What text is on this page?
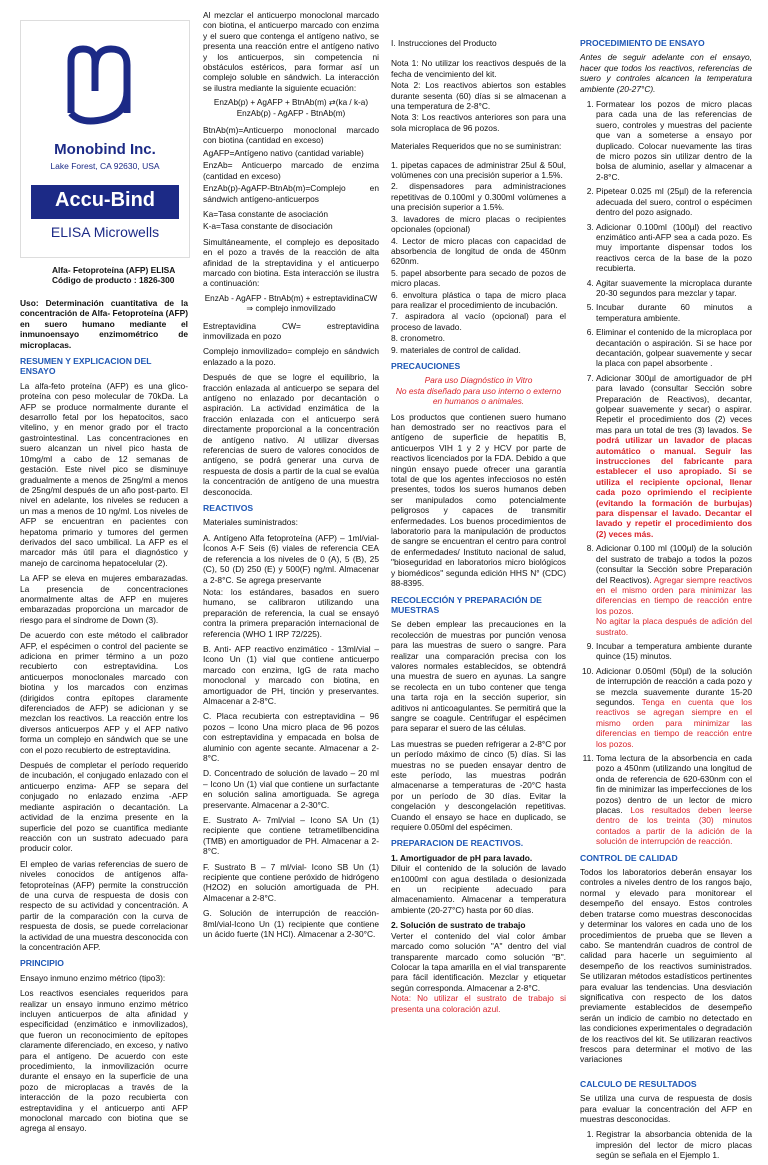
Monobind Inc.
Lake Forest, CA 92630, USA
Accu-Bind
ELISA Microwells
Alfa- Fetoproteína (AFP) ELISA
Código de producto : 1826-300

Uso: Determinación cuantitativa de la concentración de Alfa- Fetoproteína (AFP) en suero humano mediante el inmunoensayo enzimométrico de microplacas.

RESUMEN Y EXPLICACION DEL ENSAYO

La alfa-feto proteína (AFP) es una glico-proteína con peso molecular de 70kDa. La AFP se produce normalmente durante el desarrollo fetal por los hepatocitos, saco vitelino, y en menor grado por el tracto gastrointestinal. Las concentraciones en suero alcanzan un nivel pico hasta de 10mg/ml a cabo de 12 semanas de gestación. Este nivel pico se disminuye gradualmente a menos de 25ng/ml a menos de 25ng/ml después de un año post-parto. El nivel en adelante, los niveles se reducen a un mas a menos de 10 ng/ml. Los niveles de AFP se encuentran en pacientes con hepatoma primario y tumores del germen derivados del saco umbilical. La AFP es el marcador más útil para el diagnóstico y manejo de carcinoma hepatocelular (2).

La AFP se eleva en mujeres embarazadas. La presencia de concentraciones anormalmente altas de AFP en mujeres embarazadas proporciona un marcador de riesgo para el síndrome de Down (3).

De acuerdo con este método el calibrador AFP, el espécimen o control del paciente se adiciona en primer término a un pozo recubierto con estreptavidina. Los anticuerpos monoclonales marcado con biotina y los marcados con enzimas (dirigidos contra epítopes claramente diferenciados de AFP) se adicionan y se mezclan los reactivos. La reacción entre los diversos anticuerpos AFP y el AFP nativo forma un complejo en sándwich que se une con el pozo recubierto de estreptavidina.

Después de completar el período requerido de incubación, el conjugado enlazado con el anticuerpo enzima- AFP se separa del conjugado no enlazado enzima -AFP mediante aspiración o decantación. La actividad de la enzima presente en la superficie del pozo se cuantifica mediante reacción con un sustrato adecuado para producir color.

El empleo de varias referencias de suero de niveles conocidos de antígenos alfa- fetoproteínas (AFP) permite la construcción de una curva de respuesta de dosis con respecto de su actividad y concentración. A partir de la comparación con la curva de respuesta de dosis, se puede correlacionar la actividad de una muestra desconocida con la concentración AFP.

PRINCIPIO

Ensayo inmuno enzimo métrico (tipo3):

Los reactivos esenciales requeridos para realizar un ensayo inmuno enzimo métrico incluyen anticuerpos de alta afinidad y especificidad (enzimático e inmovilizados), que fueron un reconocimiento de epítopes claramente diferenciado, en exceso, y nativo para el antígeno. De acuerdo con este procedimiento, la inmovilización ocurre durante el ensayo en la superficie de una pozo de microplacas a través de la interacción de la pozo recubierta con estreptavidina y el anticuerpo anti AFP monoclonal marcado con biotina que se agrega al ensayo.

Al mezclar el anticuerpo monoclonal marcado con biotina, el anticuerpo marcado con enzima y el suero que contenga el antígeno nativo, se presenta una reacción entre el antígeno nativo y los anticuerpos, sin competencia ni obstáculos estéricos, para formar así un complejo soluble en sándwich. La interacción se ilustra mediante la siguiente ecuación:

EnzAb(p) + AgAFP + BtnAb(m) ⇄(ka / k-a) EnzAb(p) - AgAFP - BtnAb(m)

BtnAb(m)=Anticuerpo monoclonal marcado con biotina (cantidad en exceso)

AgAFP=Antígeno nativo (cantidad variable)

EnzAb= Anticuerpo marcado de enzima (cantidad en exceso)

EnzAb(p)-AgAFP-BtnAb(m)=Complejo en sándwich antígeno-anticuerpos

Ka=Tasa constante de asociación

K-a=Tasa constante de disociación

Simultáneamente, el complejo es depositado en el pozo a través de la reacción de alta afinidad de la streptavidina y el anticuerpo marcado con biotina. Esta interacción se ilustra a continuación:

EnzAb - AgAFP - BtnAb(m) + estreptavidinaCW ⇒ complejo inmovilizado

Estreptavidina CW= estreptavidina inmovilizada en pozo

Complejo inmovilizado= complejo en sándwich enlazado a la pozo.

Después de que se logre el equilibrio, la fracción enlazada al anticuerpo se separa del antígeno no enlazado por decantación o aspiración. La actividad enzimática de la fracción enlazada con el anticuerpo será directamente proporcional a la concentración de antígeno nativo. Al utilizar diversas referencias de suero de valores conocidos de antígeno, se podrá generar una curva de respuesta de dosis a partir de la cual se evalúa la concentración de antígeno de una muestra desconocida.

REACTIVOS

Materiales suministrados:

A. Antígeno Alfa fetoproteína (AFP) – 1ml/vial- Íconos A-F Seis (6) viales de referencia CEA de referencia a los niveles de 0 (A), 5 (B), 25 (C), 50 (D) 250 (E) y 500(F) ng/ml. Almacenar a 2-8°C. Se agrega preservante

Nota: los estándares, basados en suero humano, se calibraron utilizando una preparación de referencia, la cual se ensayó contra la primera preparación internacional de referencia (WHO 1 IRP 72/225).

B. Anti- AFP reactivo enzimático - 13ml/vial – Icono Un (1) vial que contiene anticuerpo marcado con enzima, IgG de rata macho monoclonal y marcado con biotina, en amortiguador de PH, tinción y preservantes. Almacenar a 2-8°C.

C. Placa recubierta con estreptavidina – 96 pozos – Icono Una micro placa de 96 pozos con estreptavidina y empacada en bolsa de aluminio con agente secante. Almacenar a 2-8°C.

D. Concentrado de solución de lavado – 20 ml – Icono Un (1) vial que contiene un surfactante en solución salina amortiguada. Se agrega preservante. Almacenar a 2-30°C.

E. Sustrato A- 7ml/vial – Icono SA Un (1) recipiente que contiene tetrametilbencidina (TMB) en amortiguador de PH. Almacenar a 2-8°C.

F. Sustrato B – 7 ml/vial- Icono SB Un (1) recipiente que contiene peróxido de hidrógeno (H2O2) en solución amortiguada de PH. Almacenar a 2-8°C.

G. Solución de interrupción de reacción-8ml/vial-Icono Un (1) recipiente que contiene un ácido fuerte (1N HCl). Almacenar a 2-30°C.

I. Instrucciones del Producto

Nota 1: No utilizar los reactivos después de la fecha de vencimiento del kit.

Nota 2: Los reactivos abiertos son estables durante sesenta (60) días si se almacenan a una temperatura de 2-8°C.

Nota 3: Los reactivos anteriores son para una sola microplaca de 96 pozos.

Materiales Requeridos que no se suministran:

1. pipetas capaces de administrar 25ul & 50ul, volúmenes con una precisión superior a 1.5%.

2. dispensadores para administraciones repetitivas de 0.100ml y 0.300ml volúmenes a una precisión superior a 1.5%.

3. lavadores de micro placas o recipientes opcionales (opcional)

4. Lector de micro placas con capacidad de absorbencia de longitud de onda de 450nm 620nm.

5. papel absorbente para secado de pozos de micro placas.

6. envoltura plástica o tapa de micro placa para realizar el procedimiento de incubación.

7. aspiradora al vacío (opcional) para el proceso de lavado.

8. cronometro.

9. materiales de control de calidad.

PRECAUCIONES

Para uso Diagnóstico in Vitro

No esta diseñado para uso interno o externo en humanos o animales.

Los productos que contienen suero humano han demostrado ser no reactivos para el antígeno de superficie de hepatitis B, anticuerpos VIH 1 y 2 y HCV por parte de reactivos licenciados por la FDA. Debido a que ningún ensayo puede ofrecer una garantía total de que los agentes infecciosos no estén presentes, todos los sueros humanos deben ser manipulados como potencialmente peligrosos y capaces de transmitir enfermedades. Los buenos procedimientos de laboratorio para la manipulación de productos de sangre se encuentran el centro para control de enfermedades/ Instituto nacional de salud, "bioseguridad en laboratorios micro biológicos y biomédicos" segunda edición HHS N° (CDC) 88-8395.

RECOLECCIÓN Y PREPARACIÓN DE MUESTRAS

Se deben emplear las precauciones en la recolección de muestras por punción venosa para las muestras de suero o sangre. Para realizar una comparación precisa con los valores normales establecidos, se obtendrá una muestra de suero en ayunas. La sangre se recolecta en un tubo contener que tenga una tarta roja en la sección superior, sin aditivos ni anticoagulantes. Se permitirá que la sangre se coagule. Centrifugar el espécimen para separar el suero de las células.

Las muestras se pueden refrigerar a 2-8°C por un período máximo de cinco (5) días. Si las muestras no se pueden ensayar dentro de este período, las muestras podrán almacenarse a temperaturas de -20°C hasta por un período de 30 días. Evitar la congelación y descongelación repetitivas. Cuando el ensayo se hace en duplicado, se requiere 0.050ml del espécimen.

PREPARACION DE REACTIVOS.

1. Amortiguador de pH para lavado.

Diluir el contenido de la solución de lavado en1000ml con agua destilada o desionizada en un recipiente adecuado para almacenamiento. Almacenar a temperatura ambiente (20-27°C) hasta por 60 días.

2. Solución de sustrato de trabajo

Verter el contenido del vial color ámbar marcado como solución "A" dentro del vial transparente marcado como solución "B". Colocar la tapa amarilla en el vial transparente para fácil identificación. Mezclar y etiquetar según corresponda. Almacenar a 2-8°C.

Nota: No utilizar el sustrato de trabajo si presenta una coloración azul.

PROCEDIMIENTO DE ENSAYO

Antes de seguir adelante con el ensayo, hacer que todos los reactivos, referencias de suero y controles alcancen la temperatura ambiente (20-27°C).

1. Formatear los pozos de micro placas para cada una de las referencias de suero, controles y muestras del paciente que van a someterse a ensayo por duplicado. Colocar nuevamente las tiras de micro pozos sin utilizar dentro de la bolsa de aluminio, asellar y almacenar a 2-8°C.
2. Pipetear 0.025 ml (25µl) de la referencia adecuada del suero, control o espécimen dentro del pozo asignado.
3. Adicionar 0.100ml (100µl) del reactivo enzimático anti-AFP sea a cada pozo. Es muy importante dispensar todos los reactivos cerca de la base de la pozo recubierta.
4. Agitar suavemente la microplaca durante 20-30 segundos para mezclar y tapar.
5. Incubar durante 60 minutos a temperatura ambiente.
6. Eliminar el contenido de la microplaca por decantación o aspiración. Si se hace por decantación, golpear suavemente y secar la placa con papel absorbente .
7. Adicionar 300µl de amortiguador de pH para lavado (consultar Sección sobre Preparación de Reactivos), decantar, golpear suavemente y secar) o aspirar. Repetir el procedimiento dos (2) veces mas para un total de tres (3) lavados. Se podrá utilizar un lavador de placas automático o manual. Seguir las instrucciones del fabricante para establecer el uso apropiado. Si se utiliza el recipiente opcional, llenar cada pozo oprimiendo el recipiente (evitando la formación de burbujas) para dispensar el lavado. Decantar el lavado y repetir el procedimiento dos (2) veces más.
8. Adicionar 0.100 ml (100µl) de la solución del sustrato de trabajo a todos la pozos (consultar la Sección sobre Preparación del Reactivos). Agregar siempre reactivos en el mismo orden para minimizar las diferencias en tiempo de reacción entre los pozos.
No agitar la placa después de adición del sustrato.
9. Incubar a temperatura ambiente durante quince (15) minutos.
10. Adicionar 0.050ml (50µl) de la solución de interrupción de reacción a cada pozo y se mezcla suavemente durante 15-20 segundos. Tenga en cuenta que los reactivos se agregan siempre en el mismo orden para minimizar las diferencias en tiempo de reacción entre los pozos.
11. Toma lectura de la absorbencia en cada pozo a 450nm (utilizando una longitud de onda de referencia de 620-630nm con el fin de minimizar las imperfecciones de los pozos) dentro de un lector de micro placas. Los resultados deben leerse dentro de los treinta (30) minutos contados a partir de la adición de la solución de interrupción de reacción.
CONTROL DE CALIDAD

Todos los laboratorios deberán ensayar los controles a niveles dentro de los rangos bajo, normal y elevado para monitorear el desempeño del ensayo. Estos controles deben tratarse como muestras desconocidas y determinar los valores en cada uno de los procedimientos de prueba que se lleven a cabo. Se mantendrán cuadros de control de calidad para hacerle un seguimiento al desempeño de los reactivos suministrados. Se utilizaran métodos estadísticos pertinentes para evaluar las tendencias. Una desviación significativa con respecto de los datos previamente establecidos de desempeño serán un indicio de cambio no detectado en las condiciones experimentales o degradación de los reactivos del kit. Se utilizaran reactivos frescos para determinar el motivo de las variaciones

CALCULO DE RESULTADOS

Se utiliza una curva de respuesta de dosis para evaluar la concentración del AFP en muestras desconocidas.

1. Registrar la absorbancia obtenida de la impresión del lector de micro placas según se señala en el Ejemplo 1.
